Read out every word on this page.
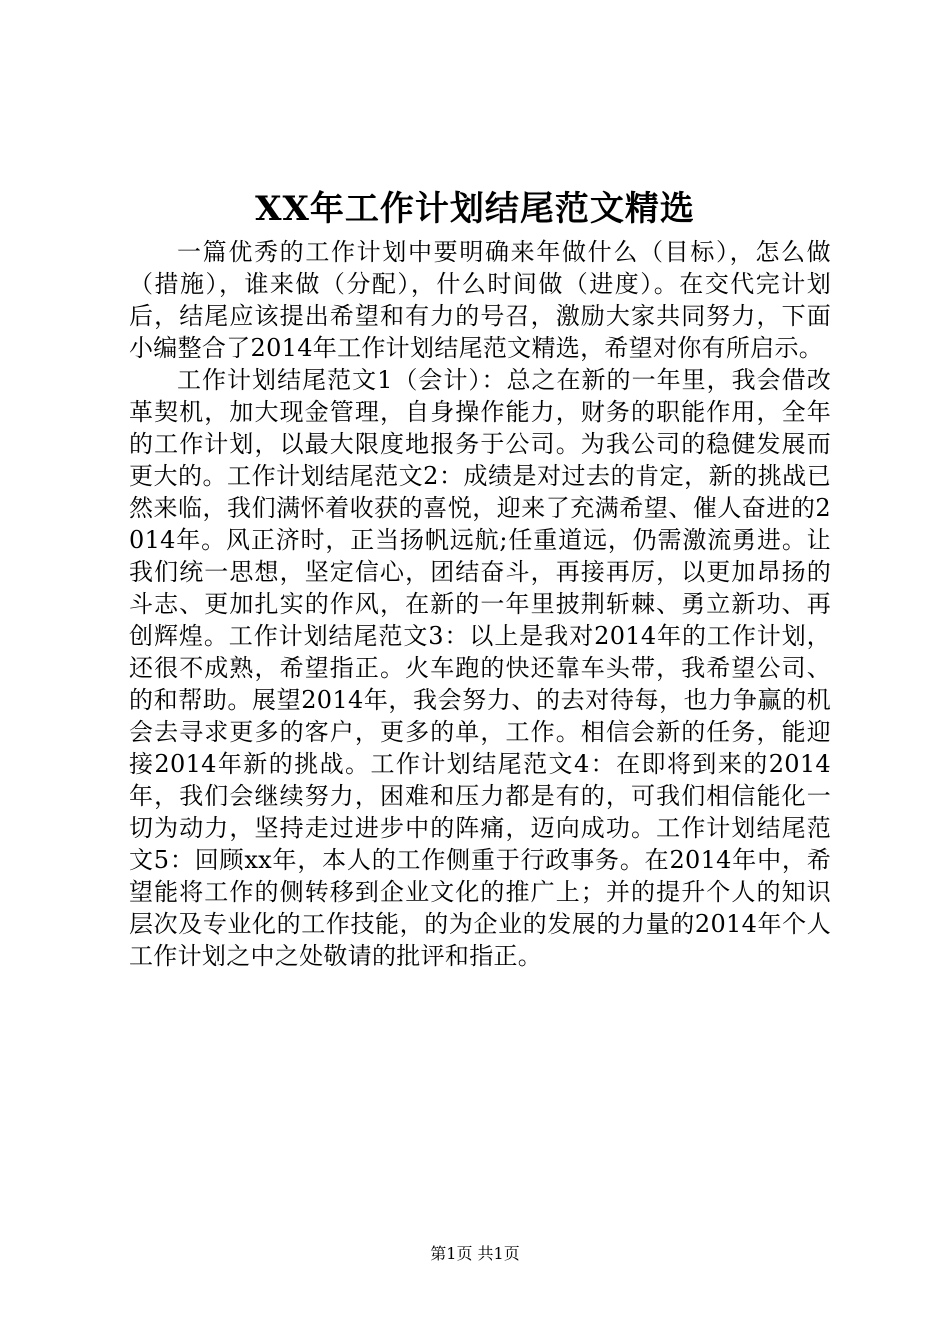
XX年工作计划结尾范文精选

一篇优秀的工作计划中要明确来年做什么（目标），怎么做（措施），谁来做（分配），什么时间做（进度）。在交代完计划后，结尾应该提出希望和有力的号召，激励大家共同努力，下面小编整合了2014年工作计划结尾范文精选，希望对你有所启示。

工作计划结尾范文1（会计）：总之在新的一年里，我会借改革契机，加大现金管理，自身操作能力，财务的职能作用，全年的工作计划，以最大限度地报务于公司。为我公司的稳健发展而更大的。工作计划结尾范文2：成绩是对过去的肯定，新的挑战已然来临，我们满怀着收获的喜悦，迎来了充满希望、催人奋进的2014年。风正济时，正当扬帆远航;任重道远，仍需激流勇进。让我们统一思想，坚定信心，团结奋斗，再接再厉，以更加昂扬的斗志、更加扎实的作风，在新的一年里披荆斩棘、勇立新功、再创辉煌。工作计划结尾范文3：以上是我对2014年的工作计划，还很不成熟，希望指正。火车跑的快还靠车头带，我希望公司、的和帮助。展望2014年，我会努力、的去对待每，也力争赢的机会去寻求更多的客户，更多的单，工作。相信会新的任务，能迎接2014年新的挑战。工作计划结尾范文4：在即将到来的2014年，我们会继续努力，困难和压力都是有的，可我们相信能化一切为动力，坚持走过进步中的阵痛，迈向成功。工作计划结尾范文5：回顾xx年，本人的工作侧重于行政事务。在2014年中，希望能将工作的侧转移到企业文化的推广上；并的提升个人的知识层次及专业化的工作技能，的为企业的发展的力量的2014年个人工作计划之中之处敬请的批评和指正。

第1页 共1页
